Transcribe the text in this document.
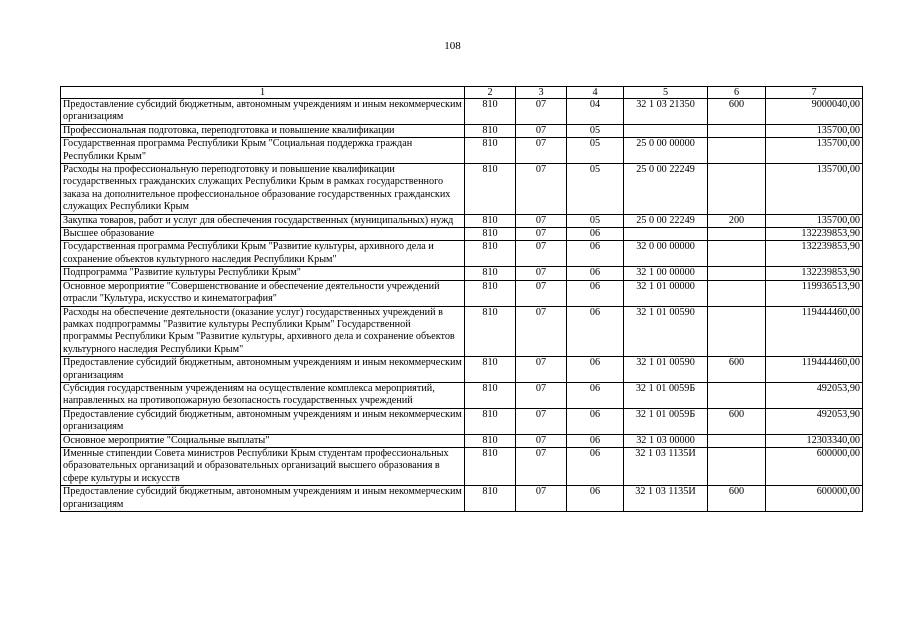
108
1	2	3	4	5	6	7
Предоставление субсидий бюджетным, автономным учреждениям и иным некоммерческим организациям	810	07	04	32 1 03 21350	600	9000040,00
Профессиональная подготовка, переподготовка и повышение квалификации	810	07	05			135700,00
Государственная программа Республики Крым "Социальная поддержка граждан Республики Крым"	810	07	05	25 0 00 00000		135700,00
Расходы на профессиональную переподготовку и повышение квалификации государственных гражданских служащих Республики Крым в рамках государственного заказа на дополнительное профессиональное образование государственных гражданских служащих Республики Крым	810	07	05	25 0 00 22249		135700,00
Закупка товаров, работ и услуг для обеспечения государственных (муниципальных) нужд	810	07	05	25 0 00 22249	200	135700,00
Высшее образование	810	07	06			132239853,90
Государственная программа Республики Крым "Развитие культуры, архивного дела и сохранение объектов культурного наследия Республики Крым"	810	07	06	32 0 00 00000		132239853,90
Подпрограмма "Развитие культуры Республики Крым"	810	07	06	32 1 00 00000		132239853,90
Основное мероприятие "Совершенствование и обеспечение деятельности учреждений отрасли "Культура, искусство и кинематография"	810	07	06	32 1 01 00000		119936513,90
Расходы на обеспечение деятельности (оказание услуг) государственных учреждений в рамках подпрограммы "Развитие культуры Республики Крым" Государственной программы Республики Крым "Развитие культуры, архивного дела и сохранение объектов культурного наследия Республики Крым"	810	07	06	32 1 01 00590		119444460,00
Предоставление субсидий бюджетным, автономным учреждениям и иным некоммерческим организациям	810	07	06	32 1 01 00590	600	119444460,00
Субсидия государственным учреждениям на осуществление комплекса мероприятий, направленных на противопожарную безопасность государственных учреждений	810	07	06	32 1 01 0059Б		492053,90
Предоставление субсидий бюджетным, автономным учреждениям и иным некоммерческим организациям	810	07	06	32 1 01 0059Б	600	492053,90
Основное мероприятие "Социальные выплаты"	810	07	06	32 1 03 00000		12303340,00
Именные стипендии Совета министров Республики Крым студентам профессиональных образовательных организаций и образовательных организаций высшего образования в сфере культуры и искусств	810	07	06	32 1 03 1135И		600000,00
Предоставление субсидий бюджетным, автономным учреждениям и иным некоммерческим организациям	810	07	06	32 1 03 1135И	600	600000,00
